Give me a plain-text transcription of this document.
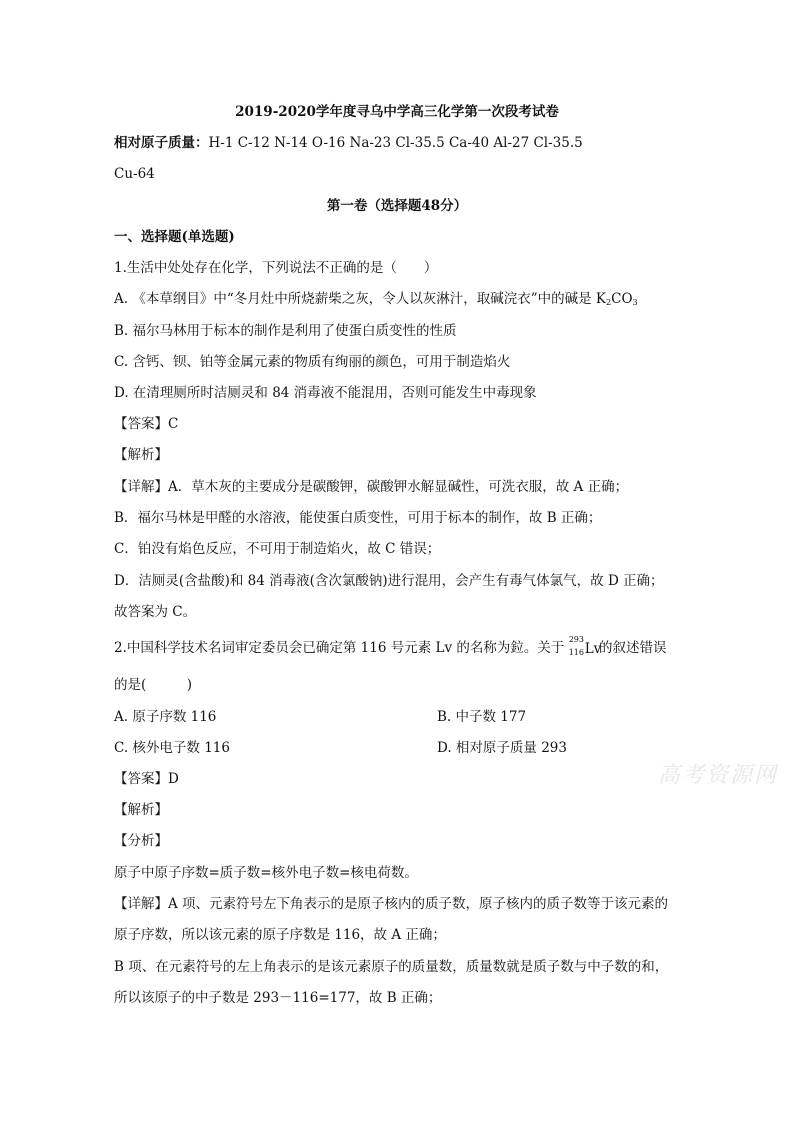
2019-2020学年度寻乌中学高三化学第一次段考试卷
相对原子质量：H-1 C-12 N-14 O-16 Na-23 Cl-35.5 Ca-40 Al-27 Cl-35.5
Cu-64
第一卷（选择题48分）
一、选择题(单选题)
1.生活中处处存在化学，下列说法不正确的是（　　）
A. 《本草纲目》中“冬月灶中所烧薪柴之灰，令人以灰淋汁，取碱浣衣”中的碱是 $K_2CO_3$
B. 福尔马林用于标本的制作是利用了使蛋白质变性的性质
C. 含钙、钡、铂等金属元素的物质有绚丽的颜色，可用于制造焰火
D. 在清理厕所时洁厕灵和 84 消毒液不能混用，否则可能发生中毒现象
【答案】C
【解析】
【详解】A．草木灰的主要成分是碳酸钾，碳酸钾水解显碱性，可洗衣服，故 A 正确；
B．福尔马林是甲醛的水溶液，能使蛋白质变性，可用于标本的制作，故 B 正确；
C．铂没有焰色反应，不可用于制造焰火，故 C 错误；
D．洁厕灵(含盐酸)和 84 消毒液(含次氯酸钠)进行混用，会产生有毒气体氯气，故 D 正确；
故答案为 C。
2.中国科学技术名词审定委员会已确定第 116 号元素 Lv 的名称为鉝。关于
293
116 Lv
的叙述错误
的是(　　　)
A. 原子序数 116	B. 中子数 177
C. 核外电子数 116	D. 相对原子质量 293
【答案】D
【解析】
【分析】
原子中原子序数=质子数=核外电子数=核电荷数。
【详解】A 项、元素符号左下角表示的是原子核内的质子数，原子核内的质子数等于该元素的
原子序数，所以该元素的原子序数是 116，故 A 正确；
B 项、在元素符号的左上角表示的是该元素原子的质量数，质量数就是质子数与中子数的和，
所以该原子的中子数是 293－116=177，故 B 正确；
高考资源网
